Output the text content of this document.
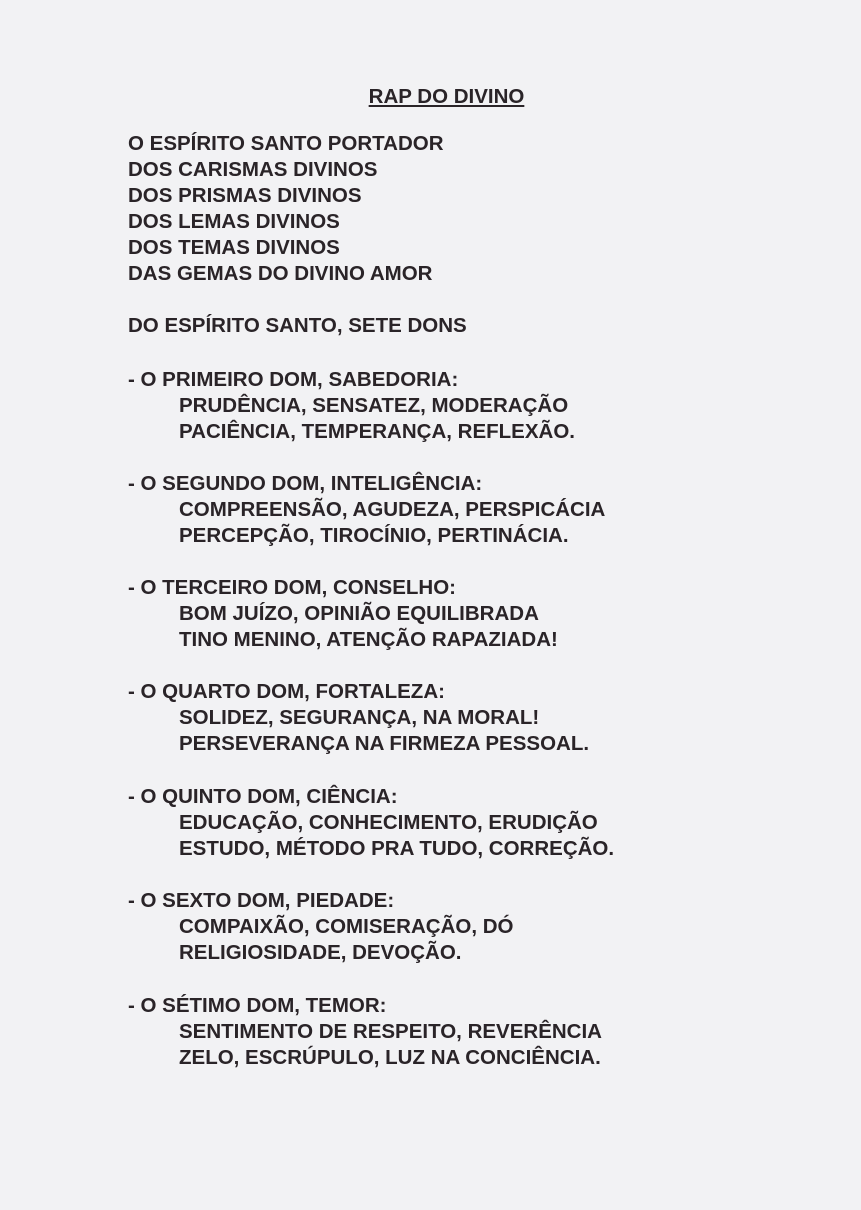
RAP DO DIVINO
O ESPÍRITO SANTO PORTADOR
DOS CARISMAS DIVINOS
DOS PRISMAS DIVINOS
DOS LEMAS DIVINOS
DOS TEMAS DIVINOS
DAS GEMAS DO DIVINO AMOR
DO ESPÍRITO SANTO, SETE DONS
- O PRIMEIRO DOM, SABEDORIA:
PRUDÊNCIA, SENSATEZ, MODERAÇÃO
PACIÊNCIA, TEMPERANÇA, REFLEXÃO.
- O SEGUNDO DOM, INTELIGÊNCIA:
COMPREENSÃO, AGUDEZA, PERSPICÁCIA
PERCEPÇÃO, TIROCÍNIO, PERTINÁCIA.
- O TERCEIRO DOM, CONSELHO:
BOM JUÍZO, OPINIÃO EQUILIBRADA
TINO MENINO, ATENÇÃO RAPAZIADA!
- O QUARTO DOM, FORTALEZA:
SOLIDEZ, SEGURANÇA, NA MORAL!
PERSEVERANÇA NA FIRMEZA PESSOAL.
- O QUINTO DOM, CIÊNCIA:
EDUCAÇÃO, CONHECIMENTO, ERUDIÇÃO
ESTUDO, MÉTODO PRA TUDO, CORREÇÃO.
- O SEXTO DOM, PIEDADE:
COMPAIXÃO, COMISERAÇÃO, DÓ
RELIGIOSIDADE, DEVOÇÃO.
- O SÉTIMO DOM, TEMOR:
SENTIMENTO DE RESPEITO, REVERÊNCIA
ZELO, ESCRÚPULO, LUZ NA CONCIÊNCIA.
